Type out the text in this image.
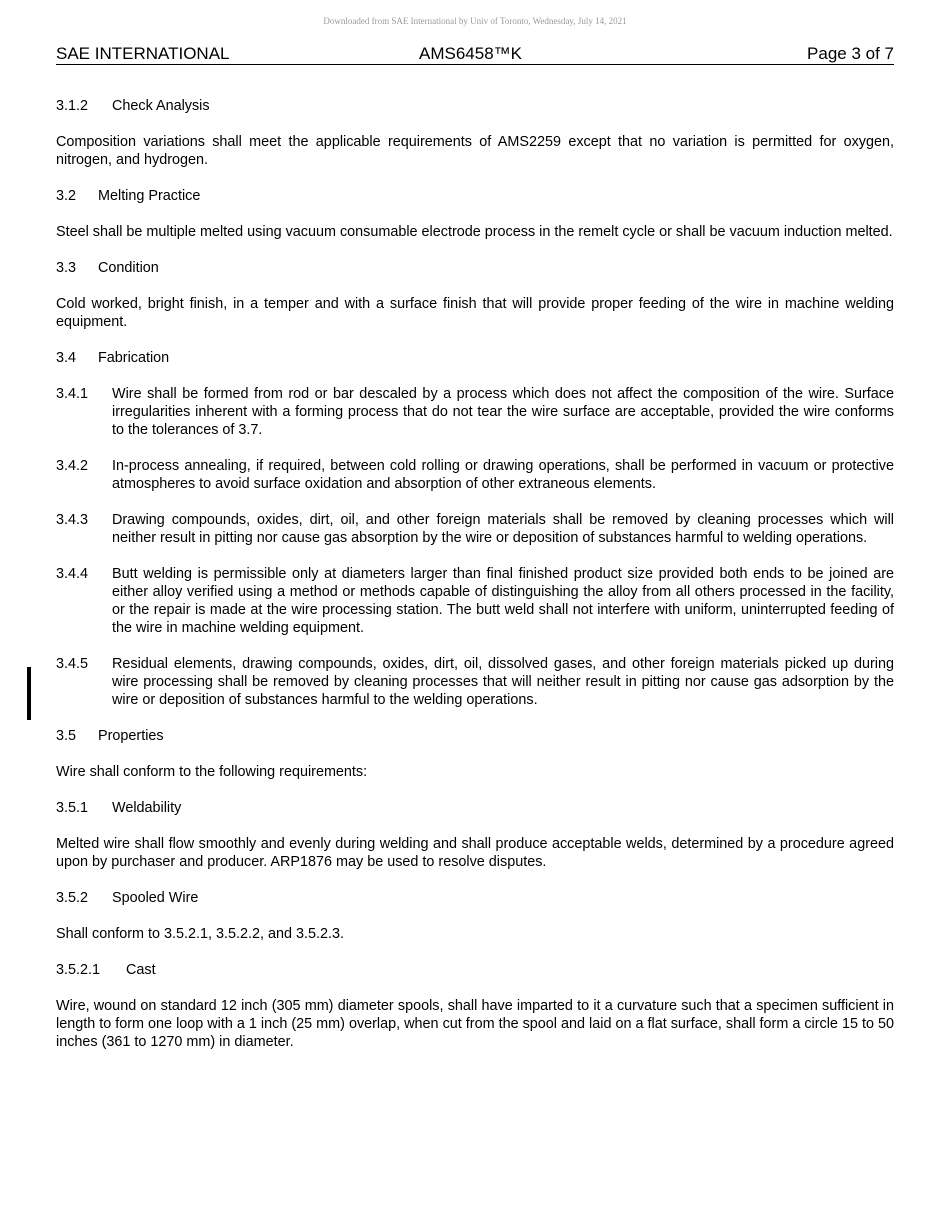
Downloaded from SAE International by Univ of Toronto, Wednesday, July 14, 2021
SAE INTERNATIONAL	AMS6458™K	Page 3 of 7
3.1.2 Check Analysis

Composition variations shall meet the applicable requirements of AMS2259 except that no variation is permitted for oxygen, nitrogen, and hydrogen.

3.2 Melting Practice

Steel shall be multiple melted using vacuum consumable electrode process in the remelt cycle or shall be vacuum induction melted.

3.3 Condition

Cold worked, bright finish, in a temper and with a surface finish that will provide proper feeding of the wire in machine welding equipment.

3.4 Fabrication
3.4.1 Wire shall be formed from rod or bar descaled by a process which does not affect the composition of the wire. Surface irregularities inherent with a forming process that do not tear the wire surface are acceptable, provided the wire conforms to the tolerances of 3.7.
3.4.2 In-process annealing, if required, between cold rolling or drawing operations, shall be performed in vacuum or protective atmospheres to avoid surface oxidation and absorption of other extraneous elements.
3.4.3 Drawing compounds, oxides, dirt, oil, and other foreign materials shall be removed by cleaning processes which will neither result in pitting nor cause gas absorption by the wire or deposition of substances harmful to welding operations.
3.4.4 Butt welding is permissible only at diameters larger than final finished product size provided both ends to be joined are either alloy verified using a method or methods capable of distinguishing the alloy from all others processed in the facility, or the repair is made at the wire processing station. The butt weld shall not interfere with uniform, uninterrupted feeding of the wire in machine welding equipment.
3.4.5 Residual elements, drawing compounds, oxides, dirt, oil, dissolved gases, and other foreign materials picked up during wire processing shall be removed by cleaning processes that will neither result in pitting nor cause gas adsorption by the wire or deposition of substances harmful to the welding operations.
3.5 Properties

Wire shall conform to the following requirements:

3.5.1 Weldability

Melted wire shall flow smoothly and evenly during welding and shall produce acceptable welds, determined by a procedure agreed upon by purchaser and producer. ARP1876 may be used to resolve disputes.

3.5.2 Spooled Wire

Shall conform to 3.5.2.1, 3.5.2.2, and 3.5.2.3.

3.5.2.1 Cast

Wire, wound on standard 12 inch (305 mm) diameter spools, shall have imparted to it a curvature such that a specimen sufficient in length to form one loop with a 1 inch (25 mm) overlap, when cut from the spool and laid on a flat surface, shall form a circle 15 to 50 inches (361 to 1270 mm) in diameter.
